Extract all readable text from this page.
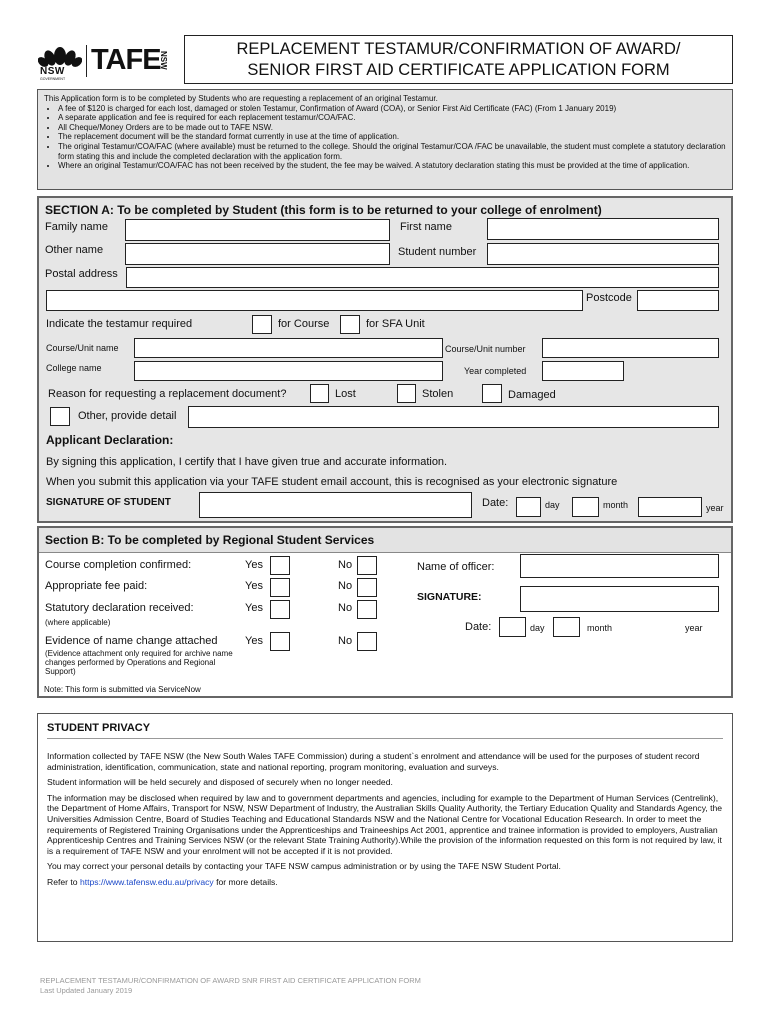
NSW
GOVERNMENT
TAFE
NSW
REPLACEMENT TESTAMUR/CONFIRMATION OF AWARD/
SENIOR FIRST AID CERTIFICATE APPLICATION FORM

This Application form is to be completed by Students who are requesting a replacement of an original Testamur.

• A fee of $120 is charged for each lost, damaged or stolen Testamur, Confirmation of Award (COA), or Senior First Aid Certificate (FAC) (From 1 January 2019)
• A separate application and fee is required for each replacement testamur/COA/FAC.
• All Cheque/Money Orders are to be made out to TAFE NSW.
• The replacement document will be the standard format currently in use at the time of application.
• The original Testamur/COA/FAC (where available) must be returned to the college. Should the original Testamur/COA /FAC be unavailable, the student must complete a statutory declaration form stating this and include the completed declaration with the application form.
• Where an original Testamur/COA/FAC has not been received by the student, the fee may be waived. A statutory declaration stating this must be provided at the time of application.
SECTION A: To be completed by Student (this form is to be returned to your college of enrolment)
Family name	First name
Other name	Student number
Postal address
Postcode
Indicate the testamur required	for Course	for SFA Unit
Course/Unit name	Course/Unit number
College name	Year completed
Reason for requesting a replacement document?	Lost	Stolen	Damaged
Other, provide detail
Applicant Declaration:
By signing this application, I certify that I have given true and accurate information.
When you submit this application via your TAFE student email account, this is recognised as your electronic signature
SIGNATURE OF STUDENT	Date:	day	month	year
Section B: To be completed by Regional Student Services
Course completion confirmed:	Yes	No
Appropriate fee paid:	Yes	No
Statutory declaration received:	Yes	No
(where applicable)
Evidence of name change attached	Yes	No
(Evidence attachment only required for archive name changes performed by Operations and Regional Support)
Name of officer:
SIGNATURE:
Date:	day	month	year
Note: This form is submitted via ServiceNow
STUDENT PRIVACY

Information collected by TAFE NSW (the New South Wales TAFE Commission) during a student`s enrolment and attendance will be used for the purposes of student record administration, identification, communication, state and national reporting, program monitoring, evaluation and surveys.

Student information will be held securely and disposed of securely when no longer needed.

The information may be disclosed when required by law and to government departments and agencies, including for example to the Department of Human Services (Centrelink), the Department of Home Affairs, Transport for NSW, NSW Department of Industry, the Australian Skills Quality Authority, the Tertiary Education Quality and Standards Agency, the Universities Admission Centre, Board of Studies Teaching and Educational Standards NSW and the National Centre for Vocational Education Research. In order to meet the requirements of Registered Training Organisations under the Apprenticeships and Traineeships Act 2001, apprentice and trainee information is provided to employers, Australian Apprenticeship Centres and Training Services NSW (or the relevant State Training Authority).While the provision of the information requested on this form is not required by law, it is a requirement of TAFE NSW and your enrolment will not be accepted if it is not provided.

You may correct your personal details by contacting your TAFE NSW campus administration or by using the TAFE NSW Student Portal.

Refer to https://www.tafensw.edu.au/privacy for more details.

REPLACEMENT TESTAMUR/CONFIRMATION OF AWARD SNR FIRST AID CERTIFICATE APPLICATION FORM
Last Updated January 2019
